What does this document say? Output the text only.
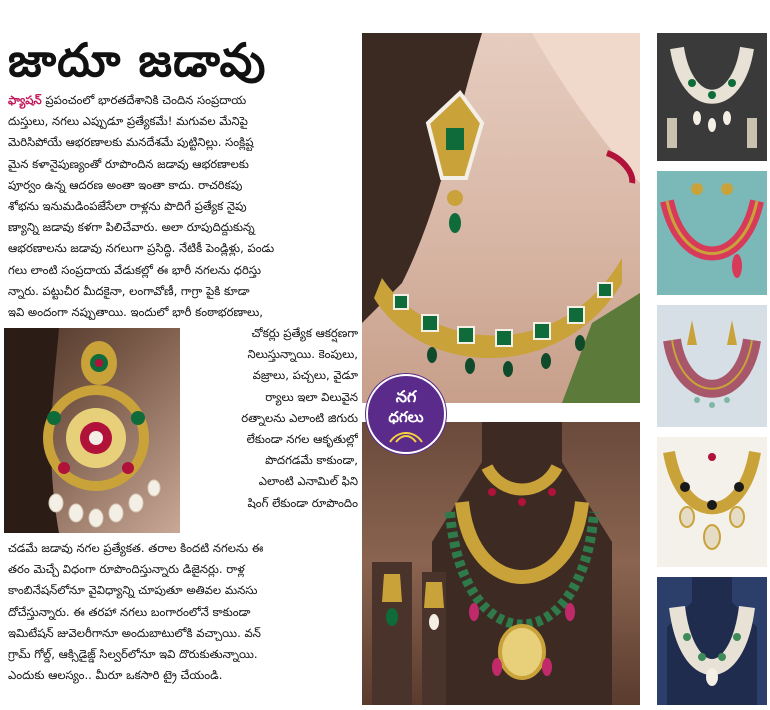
జాదూ జడావు
ఫ్యాషన్ ప్రపంచంలో భారతదేశానికి చెందిన సంప్రదాయ
దుస్తులు, నగలు ఎప్పుడూ ప్రత్యేకమే! మగువల మేనిపై
మెరిసిపోయే ఆభరణాలకు మనదేశమే పుట్టినిల్లు. సంక్లిష్ట
మైన కళానైపుణ్యంతో రూపొందిన జడావు ఆభరణాలకు
పూర్వం ఉన్న ఆదరణ అంతా ఇంతా కాదు. రాచరికపు
శోభను ఇనుమడింపజేసేలా రాళ్లను పొదిగే ప్రత్యేక నైపు
ణ్యాన్ని జడావు కళగా పిలిచేవారు. అలా రూపుదిద్దుకున్న
ఆభరణాలను జడావు నగలుగా ప్రసిద్ధి. నేటికీ పెండ్లిళ్లు, పండు
గలు లాంటి సంప్రదాయ వేడుకల్లో ఈ భారీ నగలను ధరిస్తు
న్నారు. పట్టుచీర మీదకైనా, లంగావోణీ, గాగ్రా పైకి కూడా
ఇవి అందంగా నప్పుతాయి. ఇందులో భారీ కంఠాభరణాలు,
చోకర్లు ప్రత్యేక ఆకర్షణగా
నిలుస్తున్నాయి. కెంపులు,
వజ్రాలు, పచ్చలు, వైడూ
ర్యాలు ఇలా విలువైన
రత్నాలను ఎలాంటి జిగురు
లేకుండా నగల ఆకృతుల్లో
పొదగడమే కాకుండా,
ఎలాంటి ఎనామిల్ ఫిని
షింగ్ లేకుండా రూపొందిం
చడమే జడావు నగల ప్రత్యేకత. తరాల కిందటి నగలను ఈ
తరం మెచ్చే విధంగా రూపొందిస్తున్నారు డిజైనర్లు. రాళ్ల
కాంబినేషన్‌లోనూ వైవిధ్యాన్ని చూపుతూ అతివల మనసు
దోచేస్తున్నారు. ఈ తరహా నగలు బంగారంలోనే కాకుండా
ఇమిటేషన్ జువెలరీగానూ అందుబాటులోకి వచ్చాయి. వన్
గ్రామ్ గోల్డ్, ఆక్సిడైజ్డ్ సిల్వర్‌లోనూ ఇవి దొరుకుతున్నాయి.
ఎందుకు ఆలస్యం.. మీరూ ఒకసారి ట్రై చేయండి.
నగ
ధగలు
